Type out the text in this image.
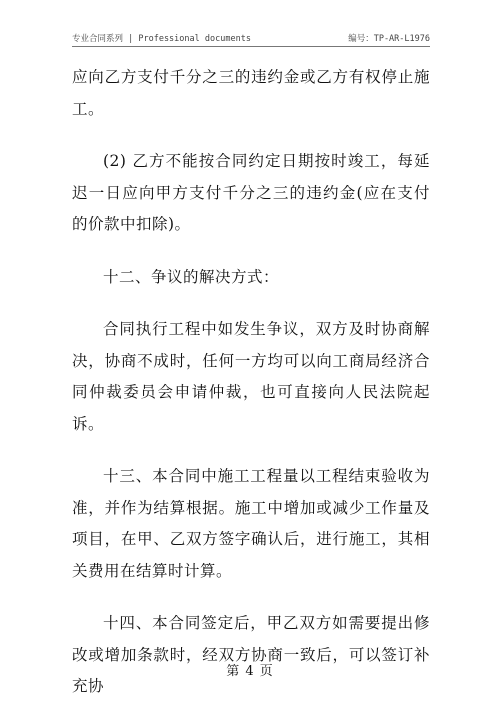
专业合同系列 | Professional documents	编号：TP-AR-L1976

应向乙方支付千分之三的违约金或乙方有权停止施工。

(2) 乙方不能按合同约定日期按时竣工，每延迟一日应向甲方支付千分之三的违约金(应在支付的价款中扣除)。

十二、争议的解决方式：

合同执行工程中如发生争议，双方及时协商解决，协商不成时，任何一方均可以向工商局经济合同仲裁委员会申请仲裁，也可直接向人民法院起诉。

十三、本合同中施工工程量以工程结束验收为准，并作为结算根据。施工中增加或减少工作量及项目，在甲、乙双方签字确认后，进行施工，其相关费用在结算时计算。

十四、本合同签定后，甲乙双方如需要提出修改或增加条款时，经双方协商一致后，可以签订补充协

第 4 页
